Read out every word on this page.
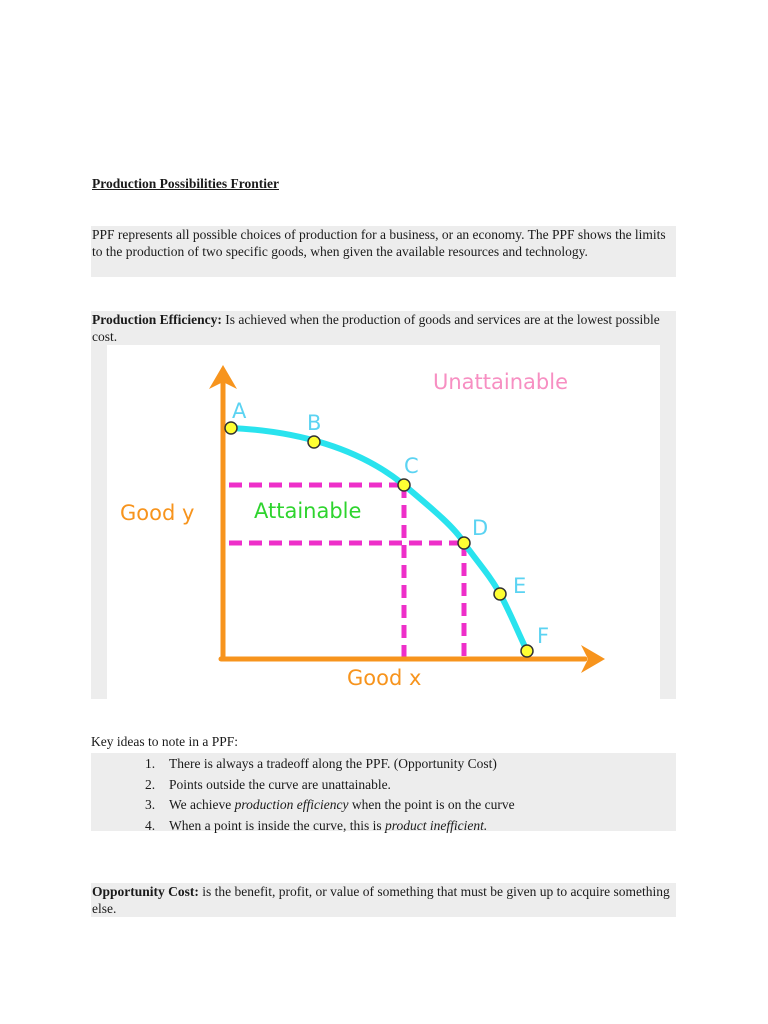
Production Possibilities Frontier
PPF represents all possible choices of production for a business, or an economy. The PPF shows the limits to the production of two specific goods, when given the available resources and technology.
Production Efficiency: Is achieved when the production of goods and services are at the lowest possible cost.
A	B
C
D
E
F
Unattainable
Attainable
Good y
Good x
Key ideas to note in a PPF:
1.	There is always a tradeoff along the PPF. (Opportunity Cost)
2.	Points outside the curve are unattainable.
3.	We achieve production efficiency when the point is on the curve
4.	When a point is inside the curve, this is product inefficient.
Opportunity Cost: is the benefit, profit, or value of something that must be given up to acquire something else.
